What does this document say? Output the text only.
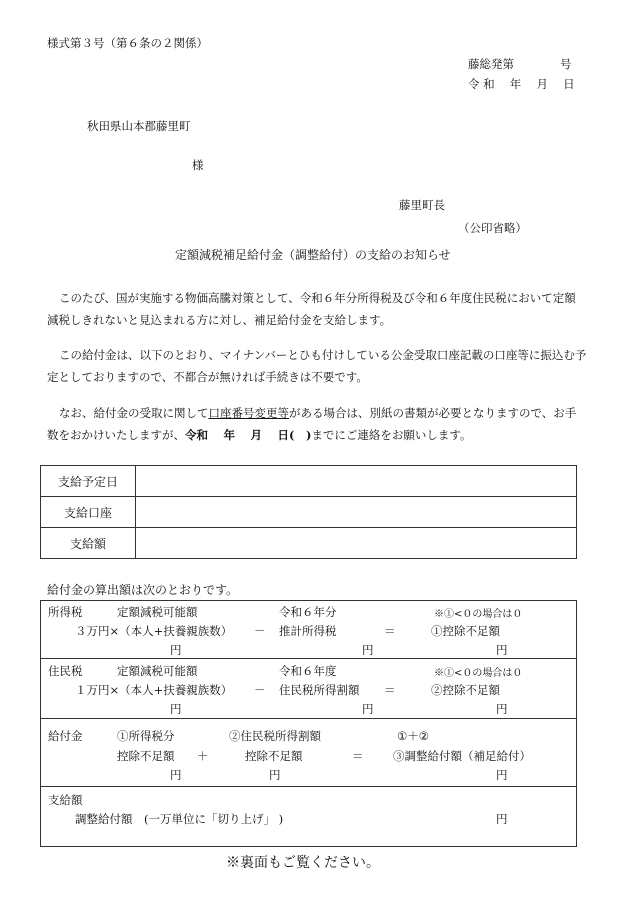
様式第３号（第６条の２関係）
藤総発第　　　　号
令 和　 年　 月　 日
秋田県山本郡藤里町
様
藤里町長
（公印省略）
定額減税補足給付金（調整給付）の支給のお知らせ
このたび、国が実施する物価高騰対策として、令和６年分所得税及び令和６年度住民税において定額減税しきれないと見込まれる方に対し、補足給付金を支給します。
この給付金は、以下のとおり、マイナンバーとひも付けしている公金受取口座記載の口座等に振込む予定としておりますので、不都合が無ければ手続きは不要です。
なお、給付金の受取に関して口座番号変更等がある場合は、別紙の書類が必要となりますので、お手数をおかけいたしますが、令和　 年　 月　 日(　)までにご連絡をお願いします。
支給予定日	
支給口座	
支給額	
給付金の算出額は次のとおりです。
所得税	定額減税可能額	令和６年分	※①<０の場合は０
３万円×（本人+扶養親族数） － 推計所得税	＝	①控除不足額
円	円	円
住民税	定額減税可能額	令和６年度	※①<０の場合は０
１万円×（本人+扶養親族数） － 住民税所得割額 ＝	②控除不足額
円	円	円
給付金	①所得税分	②住民税所得割額	①＋②
控除不足額 ＋	控除不足額	＝	③調整給付額（補足給付）
円	円	円
支給額
調整給付額　(一万単位に「切り上げ」 )	円
※裏面もご覧ください。
